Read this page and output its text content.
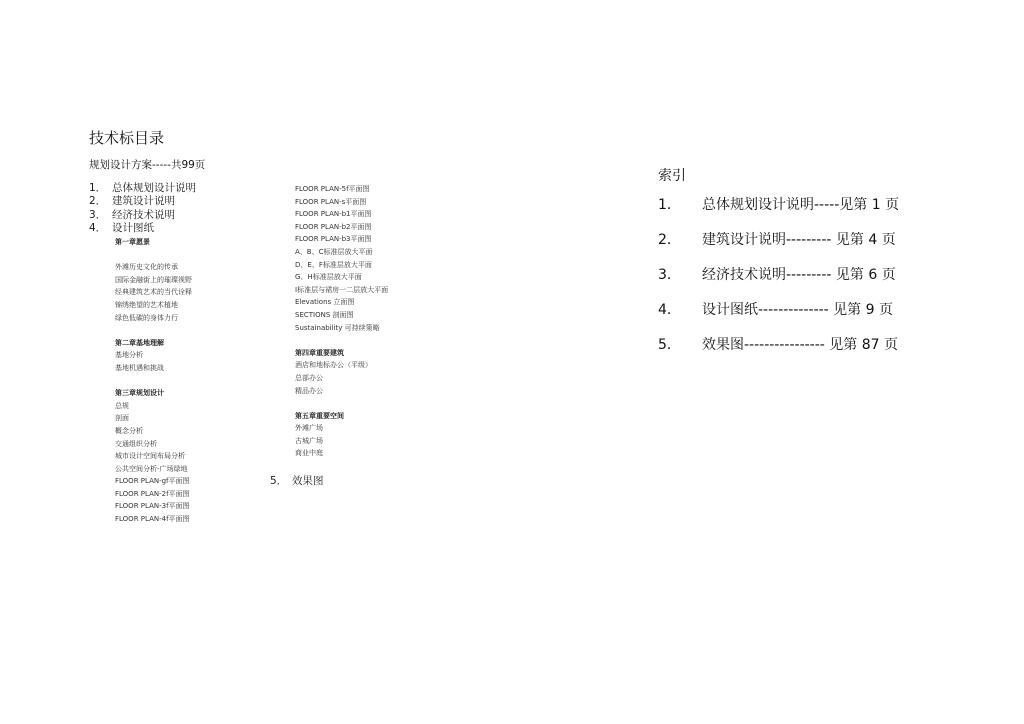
技术标目录
规划设计方案-----共99页
1． 总体规划设计说明
2． 建筑设计说明
3． 经济技术说明
4． 设计图纸
第一章愿景
外滩历史文化的传承
国际金融街上的璀璨视野
经典建筑艺术的当代诠释
锦绣绝望的艺术植地
绿色低碳的身体力行
第二章基地理解
基地分析
基地机遇和挑战
第三章规划设计
总规
剖面
概念分析
交通组织分析
城市设计空间布局分析
公共空间分析-广场绿地
FLOOR PLAN-gf平面图
FLOOR PLAN-2f平面图
FLOOR PLAN-3f平面图
FLOOR PLAN-4f平面图
FLOOR PLAN-5f平面图
FLOOR PLAN-s平面图
FLOOR PLAN-b1平面图
FLOOR PLAN-b2平面图
FLOOR PLAN-b3平面图
A、B、C标准层放大平面
D、E、F标准层放大平面
G、H标准层放大平面
I标准层与裙房一二层放大平面
Elevations 立面图
SECTIONS 剖面图
Sustainability 可持续策略
第四章重要建筑
酒店和地标办公（平级）
总部办公
精品办公
第五章重要空间
外滩广场
古城广场
商业中庭
5． 效果图
索引
1．	总体规划设计说明-----见第 1 页
2．	建筑设计说明--------- 见第 4 页
3．	经济技术说明--------- 见第 6 页
4．	设计图纸-------------- 见第 9 页
5．	效果图---------------- 见第 87 页
